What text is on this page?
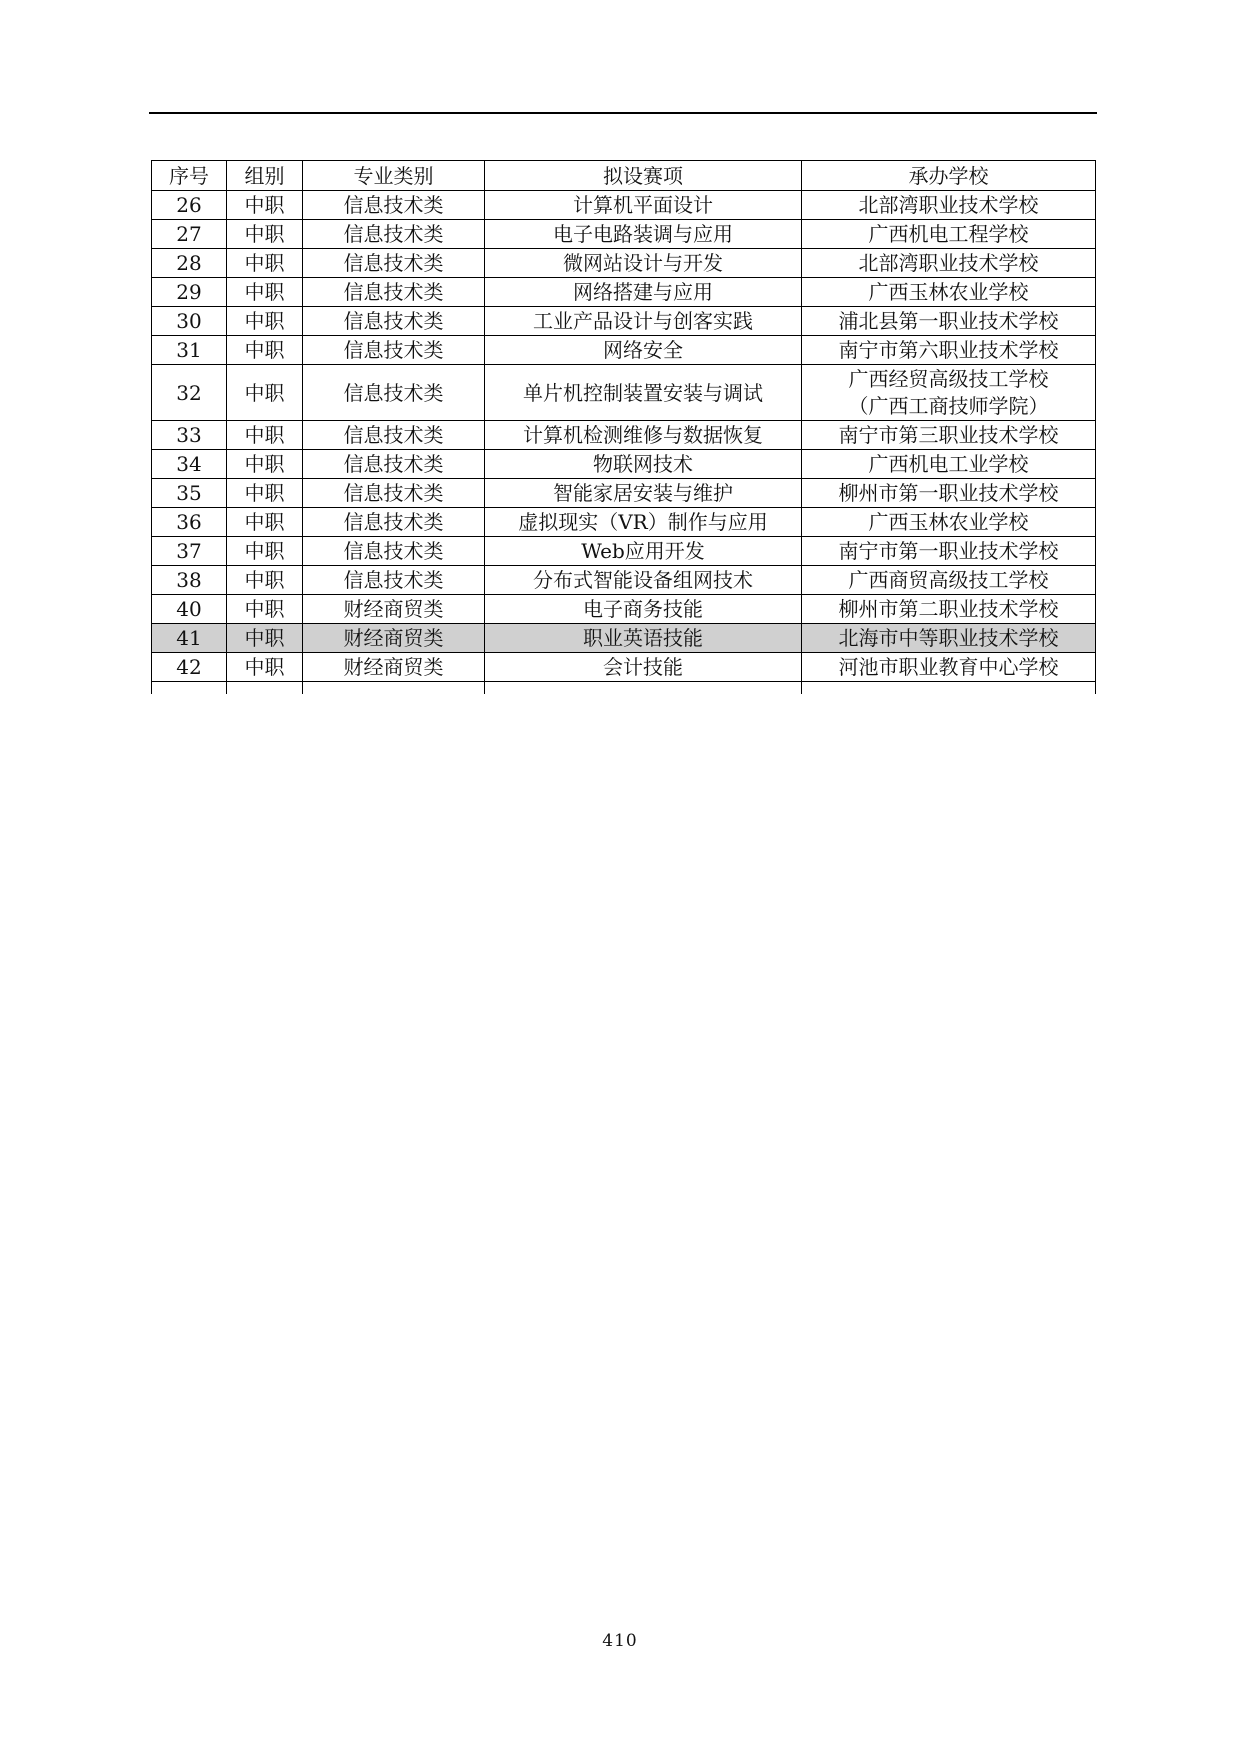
序号	组别	专业类别	拟设赛项	承办学校
26	中职	信息技术类	计算机平面设计	北部湾职业技术学校

27	中职	信息技术类	电子电路装调与应用	广西机电工程学校

28	中职	信息技术类	微网站设计与开发	北部湾职业技术学校

29	中职	信息技术类	网络搭建与应用	广西玉林农业学校

30	中职	信息技术类	工业产品设计与创客实践	浦北县第一职业技术学校

31	中职	信息技术类	网络安全	南宁市第六职业技术学校

32	中职	信息技术类	单片机控制装置安装与调试	广西经贸高级技工学校
（广西工商技师学院）

33	中职	信息技术类	计算机检测维修与数据恢复	南宁市第三职业技术学校

34	中职	信息技术类	物联网技术	广西机电工业学校

35	中职	信息技术类	智能家居安装与维护	柳州市第一职业技术学校

36	中职	信息技术类	虚拟现实（VR）制作与应用	广西玉林农业学校

37	中职	信息技术类	Web应用开发	南宁市第一职业技术学校

38	中职	信息技术类	分布式智能设备组网技术	广西商贸高级技工学校

40	中职	财经商贸类	电子商务技能	柳州市第二职业技术学校

41	中职	财经商贸类	职业英语技能	北海市中等职业技术学校

42	中职	财经商贸类	会计技能	河池市职业教育中心学校

410
